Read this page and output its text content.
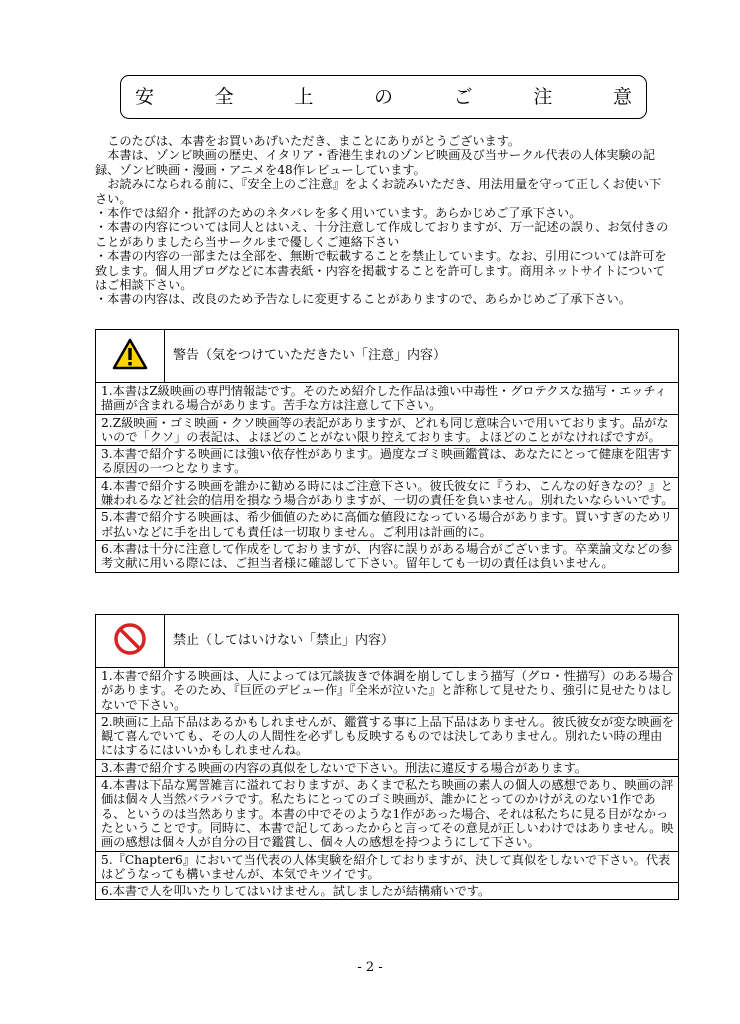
安全上のご注意

このたびは、本書をお買いあげいただき、まことにありがとうございます。

本書は、ゾンビ映画の歴史、イタリア・香港生まれのゾンビ映画及び当サークル代表の人体実験の記録、ゾンビ映画・漫画・アニメを48作レビューしています。

お読みになられる前に、『安全上のご注意』をよくお読みいただき、用法用量を守って正しくお使い下さい。

・本作では紹介・批評のためのネタバレを多く用いています。あらかじめご了承下さい。

・本書の内容については同人とはいえ、十分注意して作成しておりますが、万一記述の誤り、お気付きのことがありましたら当サークルまで優しくご連絡下さい

・本書の内容の一部または全部を、無断で転載することを禁止しています。なお、引用については許可を致します。個人用ブログなどに本書表紙・内容を掲載することを許可します。商用ネットサイトについてはご相談下さい。

・本書の内容は、改良のため予告なしに変更することがありますので、あらかじめご了承下さい。

	警告（気をつけていただきたい「注意」内容）
1.本書はZ級映画の専門情報誌です。そのため紹介した作品は強い中毒性・グロテクスな描写・エッチィ描画が含まれる場合があります。苦手な方は注意して下さい。
2.Z級映画・ゴミ映画・クソ映画等の表記がありますが、どれも同じ意味合いで用いております。品がないので「クソ」の表記は、よほどのことがない限り控えております。よほどのことがなければですが。
3.本書で紹介する映画には強い依存性があります。過度なゴミ映画鑑賞は、あなたにとって健康を阻害する原因の一つとなります。
4.本書で紹介する映画を誰かに勧める時にはご注意下さい。彼氏彼女に『うわ、こんなの好きなの？』と嫌われるなど社会的信用を損なう場合がありますが、一切の責任を負いません。別れたいならいいです。
5.本書で紹介する映画は、希少価値のために高価な値段になっている場合があります。買いすぎのためリボ払いなどに手を出しても責任は一切取りません。ご利用は計画的に。
6.本書は十分に注意して作成をしておりますが、内容に誤りがある場合がございます。卒業論文などの参考文献に用いる際には、ご担当者様に確認して下さい。留年しても一切の責任は負いません。
	禁止（してはいけない「禁止」内容）
1.本書で紹介する映画は、人によっては冗談抜きで体調を崩してしまう描写（グロ・性描写）のある場合があります。そのため、『巨匠のデビュー作』『全米が泣いた』と詐称して見せたり、強引に見せたりはしないで下さい。
2.映画に上品下品はあるかもしれませんが、鑑賞する事に上品下品はありません。彼氏彼女が変な映画を観て喜んでいても、その人の人間性を必ずしも反映するものでは決してありません。別れたい時の理由にはするにはいいかもしれませんね。
3.本書で紹介する映画の内容の真似をしないで下さい。刑法に違反する場合があります。
4.本書は下品な罵詈雑言に溢れておりますが、あくまで私たち映画の素人の個人の感想であり、映画の評価は個々人当然バラバラです。私たちにとってのゴミ映画が、誰かにとってのかけがえのない1作である、というのは当然あります。本書の中でそのような1作があった場合、それは私たちに見る目がなかったということです。同時に、本書で記してあったからと言ってその意見が正しいわけではありません。映画の感想は個々人が自分の目で鑑賞し、個々人の感想を持つようにして下さい。
5.『Chapter6』において当代表の人体実験を紹介しておりますが、決して真似をしないで下さい。代表はどうなっても構いませんが、本気でキツイです。
6.本書で人を叩いたりしてはいけません。試しましたが結構痛いです。
- 2 -
